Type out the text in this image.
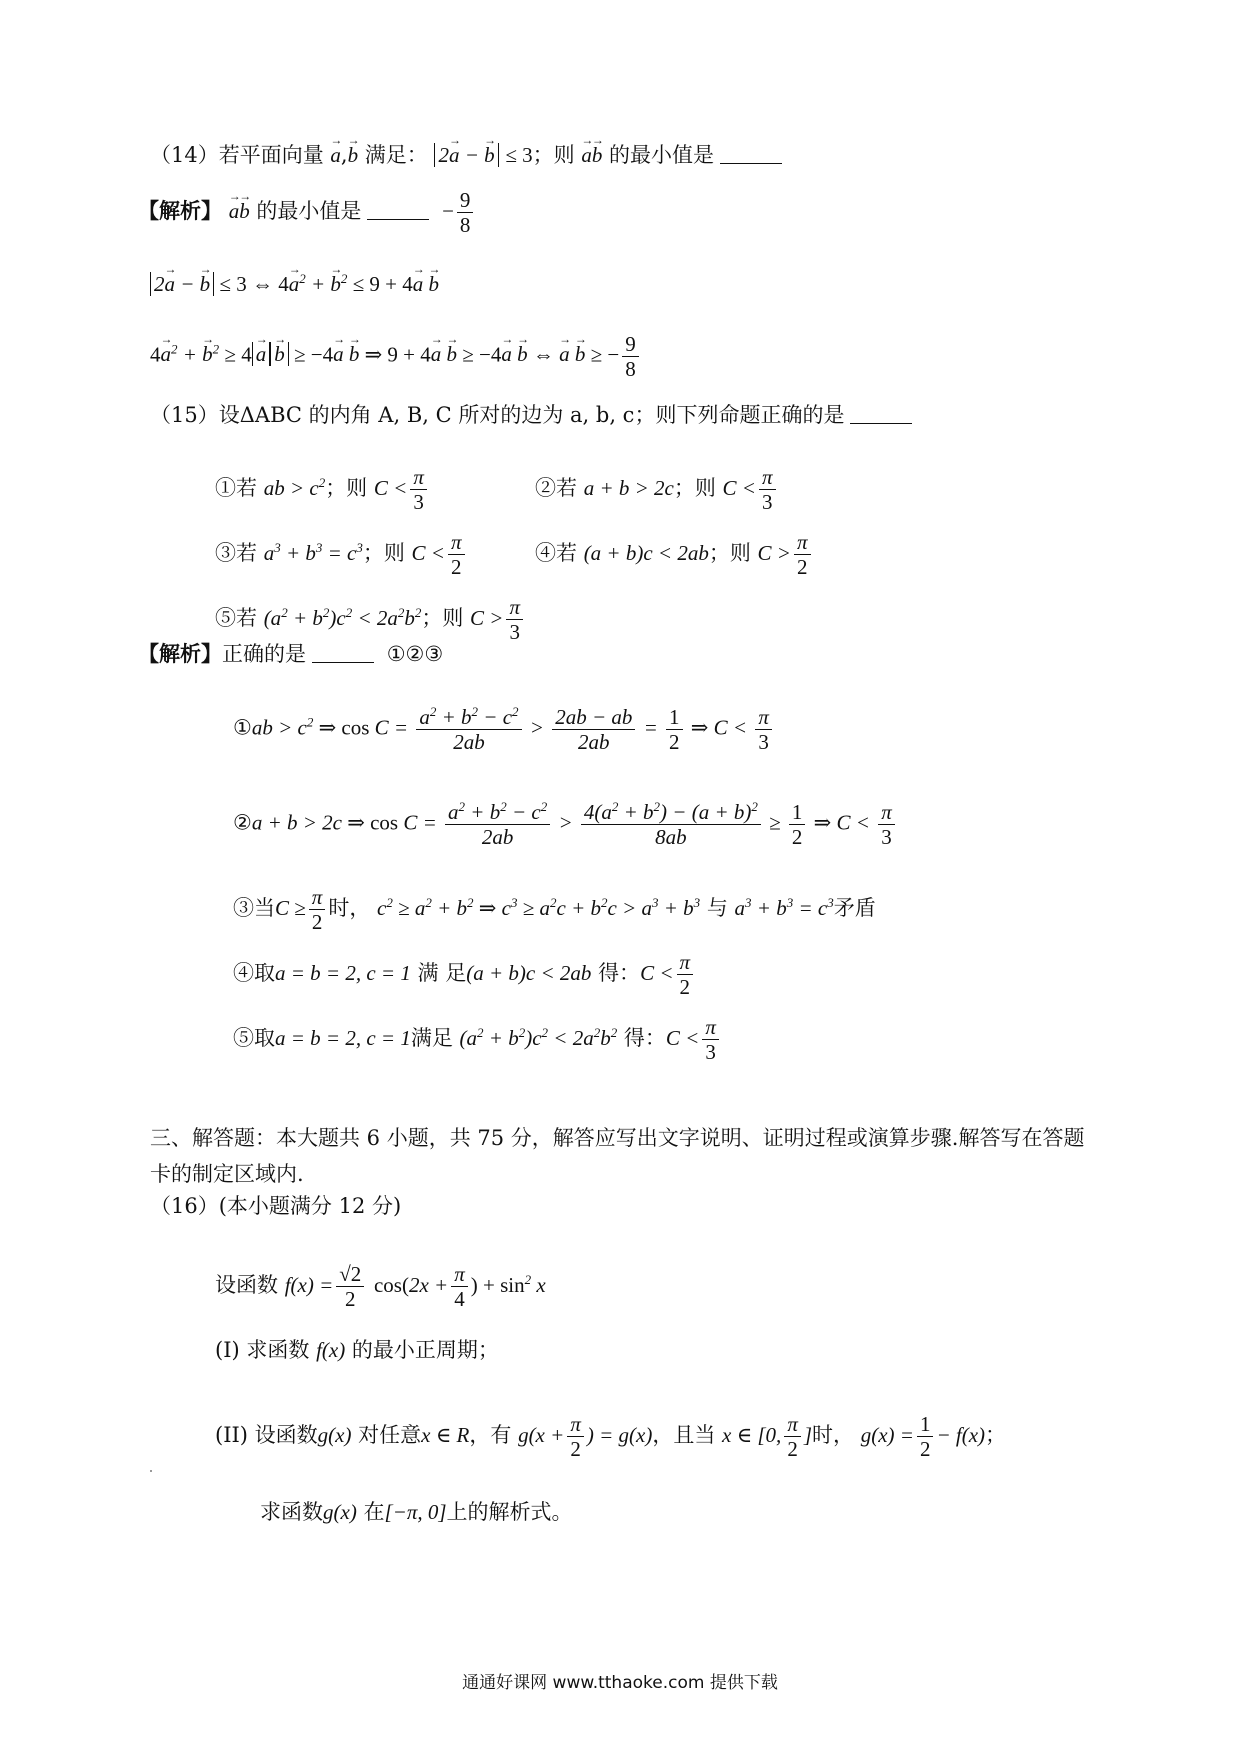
（14）若平面向量 → a,→ b 满足： 2→ a − → b ≤ 3；则 → a→ b 的最小值是
【解析】 → a→ b 的最小值是	− $\frac{9}{8}$
2→ a − → b ≤ 3 ⇔ $4\to a^2$ + → $b^2 \le 9 + 4\to a \to b$
$4\to a^2$ + → $b^2 \ge 4 \to a \to b \ge -4\to a \to b$ ⇒ 9 + 4→ a → b ≥ −4→ a → b ⇔ → a → b ≥ − $\frac{9}{8}$
（15）设ΔABC 的内角 A, B, C 所对的边为 a, b, c；则下列命题正确的是
①若 ab > $c^2$；则 $C < \frac{\pi}{3}$	②若 a + b > 2c；则 $C < \frac{\pi}{3}$
③若 $a^3 + b^3 = c^3$；则 $C < \frac{\pi}{2}$	④若 (a + b)c < 2ab；则 $C > \frac{\pi}{2}$
⑤若 $(a^2 + b^2)c^2 < 2a^2b^2$；则 $C > \frac{\pi}{3}$
【解析】正确的是	①②③
①ab > $c^2$ ⇒ $\cos C = \frac{a^2 + b^2 - c^2}{2ab} > \frac{2ab - ab}{2ab} = \frac{1}{2}$ ⇒ $C < \frac{\pi}{3}$
②a + b > 2c ⇒ $\cos C = \frac{a^2 + b^2 - c^2}{2ab} > \frac{4(a^2 + b^2) - (a + b)^2}{8ab} \ge \frac{1}{2}$ ⇒ $C < \frac{\pi}{3}$
③当$C \ge \frac{\pi}{2}$ 时， $c^2 \ge a^2 + b^2$ ⇒ $c^3 \ge a^2c + b^2c > a^3 + b^3$ 与 $a^3 + b^3 = c^3$矛盾
④取a = b = 2, c = 1 满 足(a + b)c < 2ab 得：$C < \frac{\pi}{2}$
⑤取a = b = 2, c = 1满足 $(a^2 + b^2)c^2 < 2a^2b^2$ 得：$C < \frac{\pi}{3}$
三、解答题：本大题共 6 小题，共 75 分，解答应写出文字说明、证明过程或演算步骤.解答写在答题
卡的制定区域内.
（16）(本小题满分 12 分)
设函数 $f(x) = \frac{√2}{2} \cos(2x + \frac{\pi}{4}$ ) + $\sin^2 x$
(I) 求函数 f(x) 的最小正周期；
(II) 设函数g(x) 对任意x ∈ R，有 $g(x + \frac{\pi}{2}$ ) = g(x)，且当 x ∈ [0, $\frac{\pi}{2}$ ]时， $g(x) = \frac{1}{2} - f(x)$；
求函数g(x) 在[−π, 0]上的解析式。
通通好课网 www.tthaoke.com 提供下载
